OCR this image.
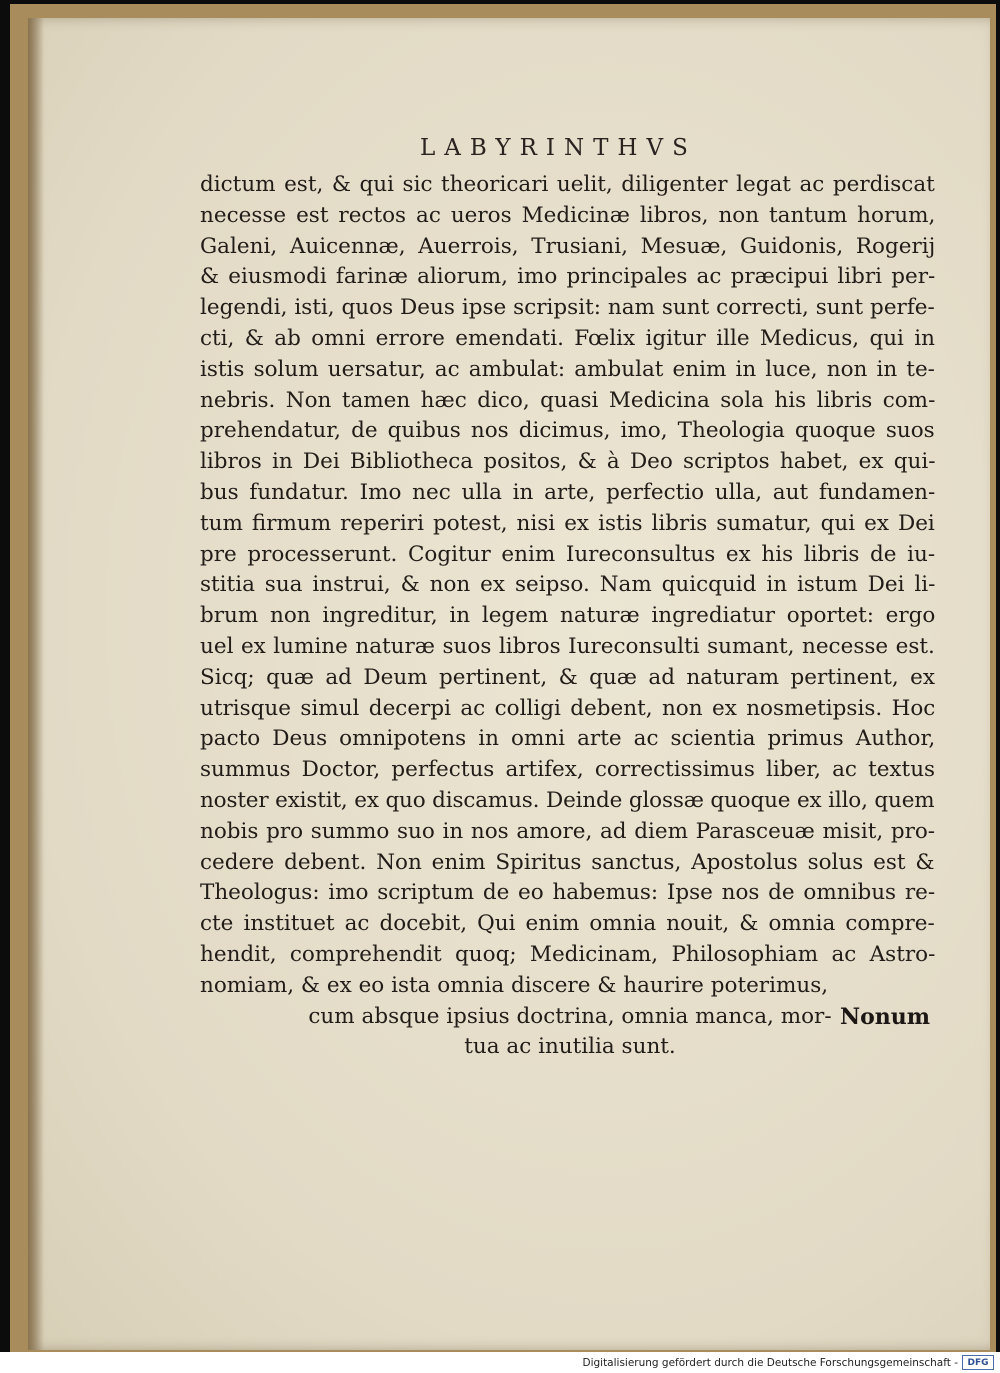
LABYRINTHVS
dictum est, & qui sic theoricari uelit, diligenter legat ac perdiscat
necesse est rectos ac ueros Medicinæ libros, non tantum horum,
Galeni, Auicennæ, Auerrois, Trusiani, Mesuæ, Guidonis, Rogerij
& eiusmodi farinæ aliorum, imo principales ac præcipui libri per-
legendi, isti, quos Deus ipse scripsit: nam sunt correcti, sunt perfe-
cti, & ab omni errore emendati. Fœlix igitur ille Medicus, qui in
istis solum uersatur, ac ambulat: ambulat enim in luce, non in te-
nebris. Non tamen hæc dico, quasi Medicina sola his libris com-
prehendatur, de quibus nos dicimus, imo, Theologia quoque suos
libros in Dei Bibliotheca positos, & à Deo scriptos habet, ex qui-
bus fundatur. Imo nec ulla in arte, perfectio ulla, aut fundamen-
tum firmum reperiri potest, nisi ex istis libris sumatur, qui ex Dei
pre processerunt. Cogitur enim Iureconsultus ex his libris de iu-
stitia sua instrui, & non ex seipso. Nam quicquid in istum Dei li-
brum non ingreditur, in legem naturæ ingrediatur oportet: ergo
uel ex lumine naturæ suos libros Iureconsulti sumant, necesse est.
Sicq; quæ ad Deum pertinent, & quæ ad naturam pertinent, ex
utrisque simul decerpi ac colligi debent, non ex nosmetipsis. Hoc
pacto Deus omnipotens in omni arte ac scientia primus Author,
summus Doctor, perfectus artifex, correctissimus liber, ac textus
noster existit, ex quo discamus. Deinde glossæ quoque ex illo, quem
nobis pro summo suo in nos amore, ad diem Parasceuæ misit, pro-
cedere debent. Non enim Spiritus sanctus, Apostolus solus est &
Theologus: imo scriptum de eo habemus: Ipse nos de omnibus re-
cte instituet ac docebit, Qui enim omnia nouit, & omnia compre-
hendit, comprehendit quoq; Medicinam, Philosophiam ac Astro-
nomiam, & ex eo ista omnia discere & haurire poterimus,
cum absque ipsius doctrina, omnia manca, mor-
tua ac inutilia sunt.
Nonum
Digitalisierung gefördert durch die Deutsche Forschungsgemeinschaft -	DFG
